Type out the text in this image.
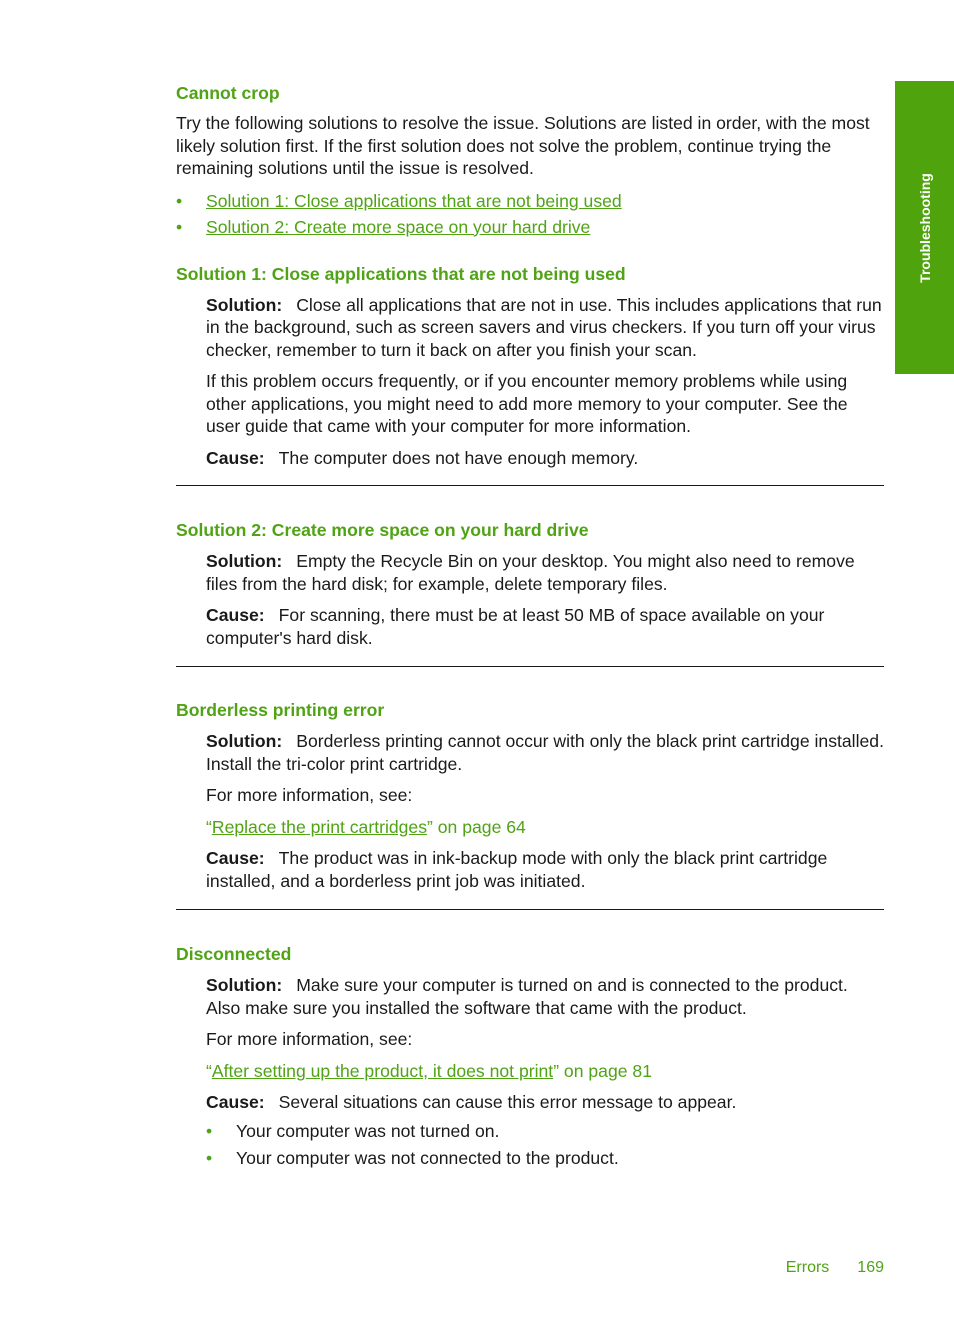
Troubleshooting
Cannot crop

Try the following solutions to resolve the issue. Solutions are listed in order, with the most likely solution first. If the first solution does not solve the problem, continue trying the remaining solutions until the issue is resolved.

• Solution 1: Close applications that are not being used
• Solution 2: Create more space on your hard drive
Solution 1: Close applications that are not being used

Solution: Close all applications that are not in use. This includes applications that run in the background, such as screen savers and virus checkers. If you turn off your virus checker, remember to turn it back on after you finish your scan.

If this problem occurs frequently, or if you encounter memory problems while using other applications, you might need to add more memory to your computer. See the user guide that came with your computer for more information.

Cause: The computer does not have enough memory.

Solution 2: Create more space on your hard drive

Solution: Empty the Recycle Bin on your desktop. You might also need to remove files from the hard disk; for example, delete temporary files.

Cause: For scanning, there must be at least 50 MB of space available on your computer's hard disk.

Borderless printing error

Solution: Borderless printing cannot occur with only the black print cartridge installed. Install the tri-color print cartridge.

For more information, see:

“Replace the print cartridges” on page 64

Cause: The product was in ink-backup mode with only the black print cartridge installed, and a borderless print job was initiated.

Disconnected

Solution: Make sure your computer is turned on and is connected to the product. Also make sure you installed the software that came with the product.

For more information, see:

“After setting up the product, it does not print” on page 81

Cause: Several situations can cause this error message to appear.

• Your computer was not turned on.
• Your computer was not connected to the product.
Errors 169
